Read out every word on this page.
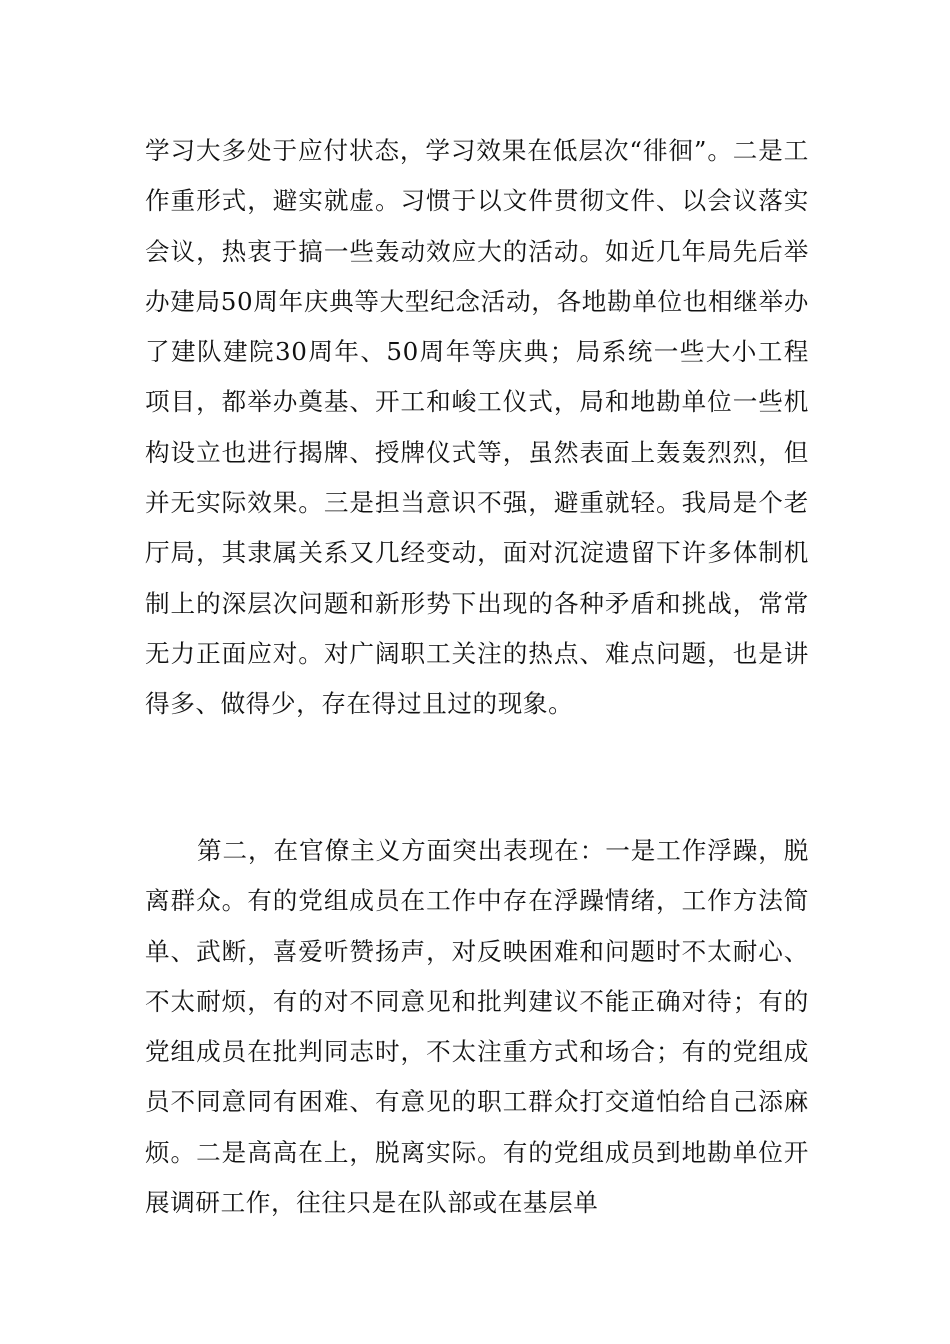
学习大多处于应付状态，学习效果在低层次“徘徊”。二是工作重形式，避实就虚。习惯于以文件贯彻文件、以会议落实会议，热衷于搞一些轰动效应大的活动。如近几年局先后举办建局50周年庆典等大型纪念活动，各地勘单位也相继举办了建队建院30周年、50周年等庆典；局系统一些大小工程项目，都举办奠基、开工和峻工仪式，局和地勘单位一些机构设立也进行揭牌、授牌仪式等，虽然表面上轰轰烈烈，但并无实际效果。三是担当意识不强，避重就轻。我局是个老厅局，其隶属关系又几经变动，面对沉淀遗留下许多体制机制上的深层次问题和新形势下出现的各种矛盾和挑战，常常无力正面应对。对广阔职工关注的热点、难点问题，也是讲得多、做得少，存在得过且过的现象。

第二，在官僚主义方面突出表现在：一是工作浮躁，脱离群众。有的党组成员在工作中存在浮躁情绪，工作方法简单、武断，喜爱听赞扬声，对反映困难和问题时不太耐心、不太耐烦，有的对不同意见和批判建议不能正确对待；有的党组成员在批判同志时，不太注重方式和场合；有的党组成员不同意同有困难、有意见的职工群众打交道怕给自己添麻烦。二是高高在上，脱离实际。有的党组成员到地勘单位开展调研工作，往往只是在队部或在基层单
